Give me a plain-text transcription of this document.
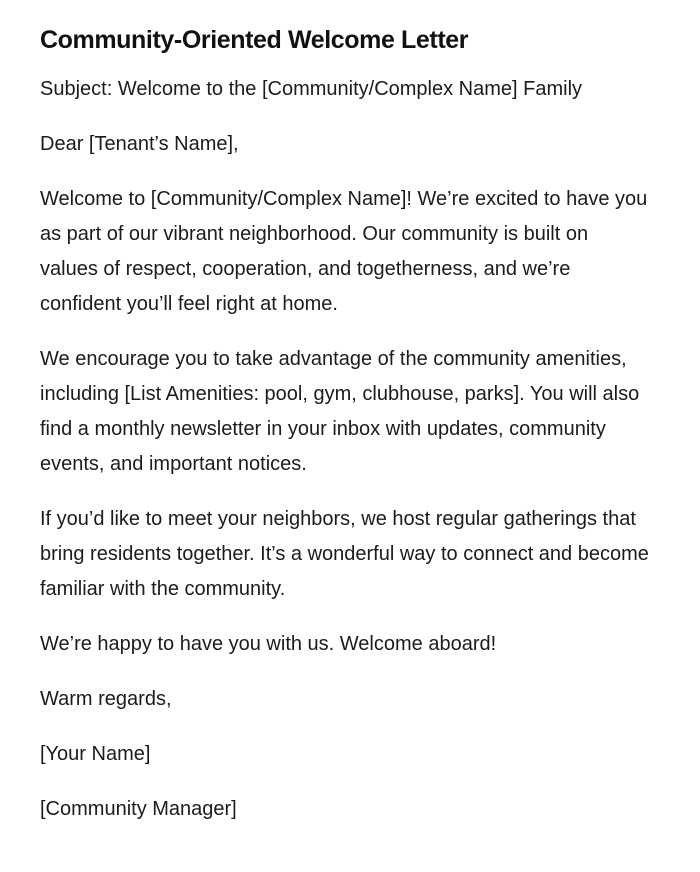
Community-Oriented Welcome Letter

Subject: Welcome to the [Community/Complex Name] Family

Dear [Tenant’s Name],

Welcome to [Community/Complex Name]! We’re excited to have you as part of our vibrant neighborhood. Our community is built on values of respect, cooperation, and togetherness, and we’re confident you’ll feel right at home.

We encourage you to take advantage of the community amenities, including [List Amenities: pool, gym, clubhouse, parks]. You will also find a monthly newsletter in your inbox with updates, community events, and important notices.

If you’d like to meet your neighbors, we host regular gatherings that bring residents together. It’s a wonderful way to connect and become familiar with the community.

We’re happy to have you with us. Welcome aboard!

Warm regards,

[Your Name]

[Community Manager]
